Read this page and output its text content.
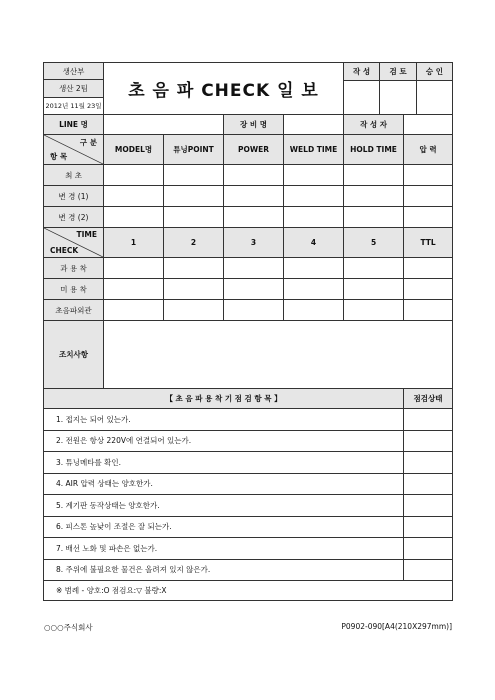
생산부	초 음 파 CHECK 일 보	
작 성	검 토	승 인

생산 2팀
2012년 11월 23일
LINE 명		장 비 명		작 성 자	

구 분
항 목
	MODEL명	튜닝POINT	POWER	WELD TIME	HOLD TIME	압 력
최 초						
변 경 (1)						
변 경 (2)						

TIME
CHECK
	1	2	3	4	5	TTL
과 용 착						
미 용 착						
초음파외관						
조치사항	
【 초 음 파 용 착 기 점 검 항 목 】	점검상태
1. 접지는 되어 있는가.	
2. 전원은 항상 220V에 연결되어 있는가.	
3. 튜닝메타를 확인.	
4. AIR 압력 상태는 양호한가.	
5. 계기판 동작상태는 양호한가.	
6. 피스톤 높낮이 조절은 잘 되는가.	
7. 배선 노화 및 파손은 없는가.	
8. 주위에 불필요한 물건은 올려져 있지 않은가.	
※ 범례 - 양호:O 점검요:▽ 불량:X
○○○주식회사	P0902-090[A4(210X297mm)]
